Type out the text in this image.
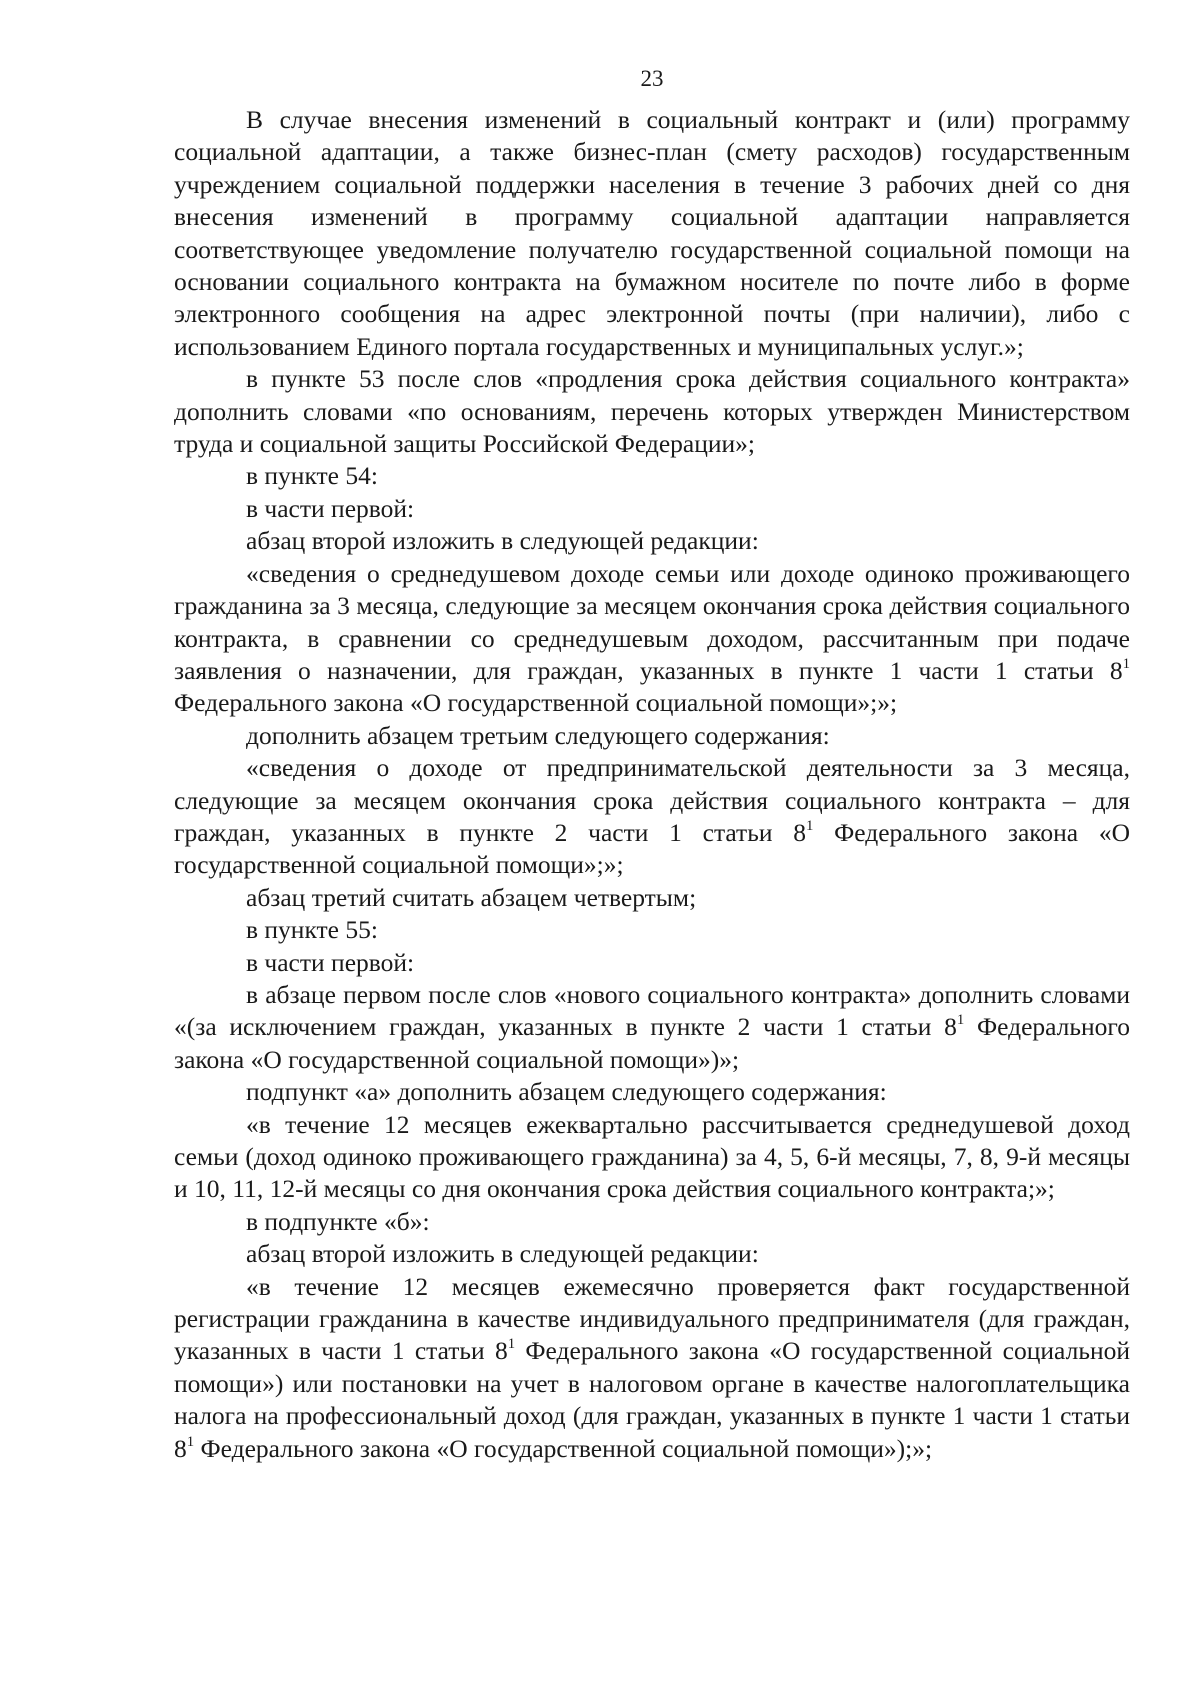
23

В случае внесения изменений в социальный контракт и (или) программу социальной адаптации, а также бизнес-план (смету расходов) государственным учреждением социальной поддержки населения в течение 3 рабочих дней со дня внесения изменений в программу социальной адаптации направляется соответствующее уведомление получателю государственной социальной помощи на основании социального контракта на бумажном носителе по почте либо в форме электронного сообщения на адрес электронной почты (при наличии), либо с использованием Единого портала государственных и муниципальных услуг.»;

в пункте 53 после слов «продления срока действия социального контракта» дополнить словами «по основаниям, перечень которых утвержден Министерством труда и социальной защиты Российской Федерации»;

в пункте 54:

в части первой:

абзац второй изложить в следующей редакции:

«сведения о среднедушевом доходе семьи или доходе одиноко проживающего гражданина за 3 месяца, следующие за месяцем окончания срока действия социального контракта, в сравнении со среднедушевым доходом, рассчитанным при подаче заявления о назначении, для граждан, указанных в пункте 1 части 1 статьи $8^1$ Федерального закона «О государственной социальной помощи»;»;

дополнить абзацем третьим следующего содержания:

«сведения о доходе от предпринимательской деятельности за 3 месяца, следующие за месяцем окончания срока действия социального контракта – для граждан, указанных в пункте 2 части 1 статьи $8^1$ Федерального закона «О государственной социальной помощи»;»;

абзац третий считать абзацем четвертым;

в пункте 55:

в части первой:

в абзаце первом после слов «нового социального контракта» дополнить словами «(за исключением граждан, указанных в пункте 2 части 1 статьи $8^1$ Федерального закона «О государственной социальной помощи»)»;

подпункт «а» дополнить абзацем следующего содержания:

«в течение 12 месяцев ежеквартально рассчитывается среднедушевой доход семьи (доход одиноко проживающего гражданина) за 4, 5, 6-й месяцы, 7, 8, 9-й месяцы и 10, 11, 12-й месяцы со дня окончания срока действия социального контракта;»;

в подпункте «б»:

абзац второй изложить в следующей редакции:

«в течение 12 месяцев ежемесячно проверяется факт государственной регистрации гражданина в качестве индивидуального предпринимателя (для граждан, указанных в части 1 статьи $8^1$ Федерального закона «О государственной социальной помощи») или постановки на учет в налоговом органе в качестве налогоплательщика налога на профессиональный доход (для граждан, указанных в пункте 1 части 1 статьи $8^1$ Федерального закона «О государственной социальной помощи»);»;
